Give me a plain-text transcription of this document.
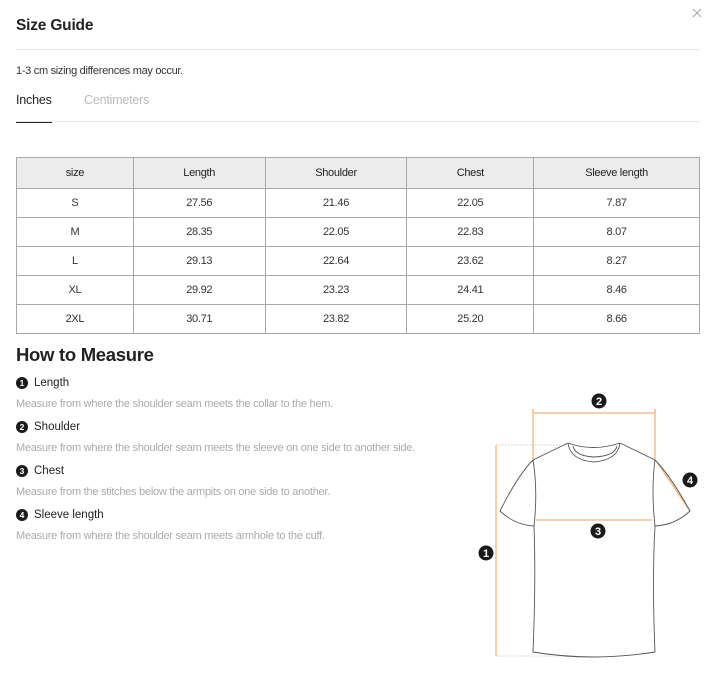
Size Guide
1-3 cm sizing differences may occur.
Inches	Centimeters
size	Length	Shoulder	Chest	Sleeve length
S	27.56	21.46	22.05	7.87
M	28.35	22.05	22.83	8.07
L	29.13	22.64	23.62	8.27
XL	29.92	23.23	24.41	8.46
2XL	30.71	23.82	25.20	8.66
How to Measure
1 Length
Measure from where the shoulder seam meets the collar to the hem.
2 Shoulder
Measure from where the shoulder seam meets the sleeve on one side to another side.
3 Chest
Measure from the stitches below the armpits on one side to another.
4 Sleeve length
Measure from where the shoulder seam meets armhole to the cuff.
1
2
3
4
